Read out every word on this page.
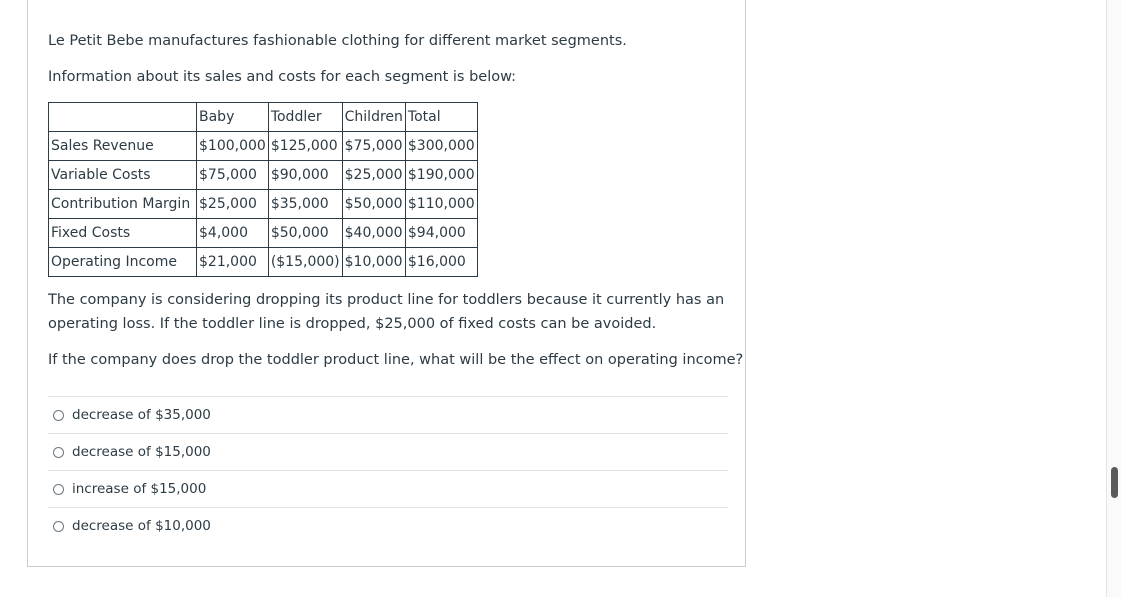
Le Petit Bebe manufactures fashionable clothing for different market segments.

Information about its sales and costs for each segment is below:

	Baby	Toddler	Children	Total
Sales Revenue	$100,000	$125,000	$75,000	$300,000
Variable Costs	$75,000	$90,000	$25,000	$190,000
Contribution Margin	$25,000	$35,000	$50,000	$110,000
Fixed Costs	$4,000	$50,000	$40,000	$94,000
Operating Income	$21,000	($15,000)	$10,000	$16,000

The company is considering dropping its product line for toddlers because it currently has an

operating loss. If the toddler line is dropped, $25,000 of fixed costs can be avoided.

If the company does drop the toddler product line, what will be the effect on operating income?

decrease of $35,000
decrease of $15,000
increase of $15,000
decrease of $10,000
